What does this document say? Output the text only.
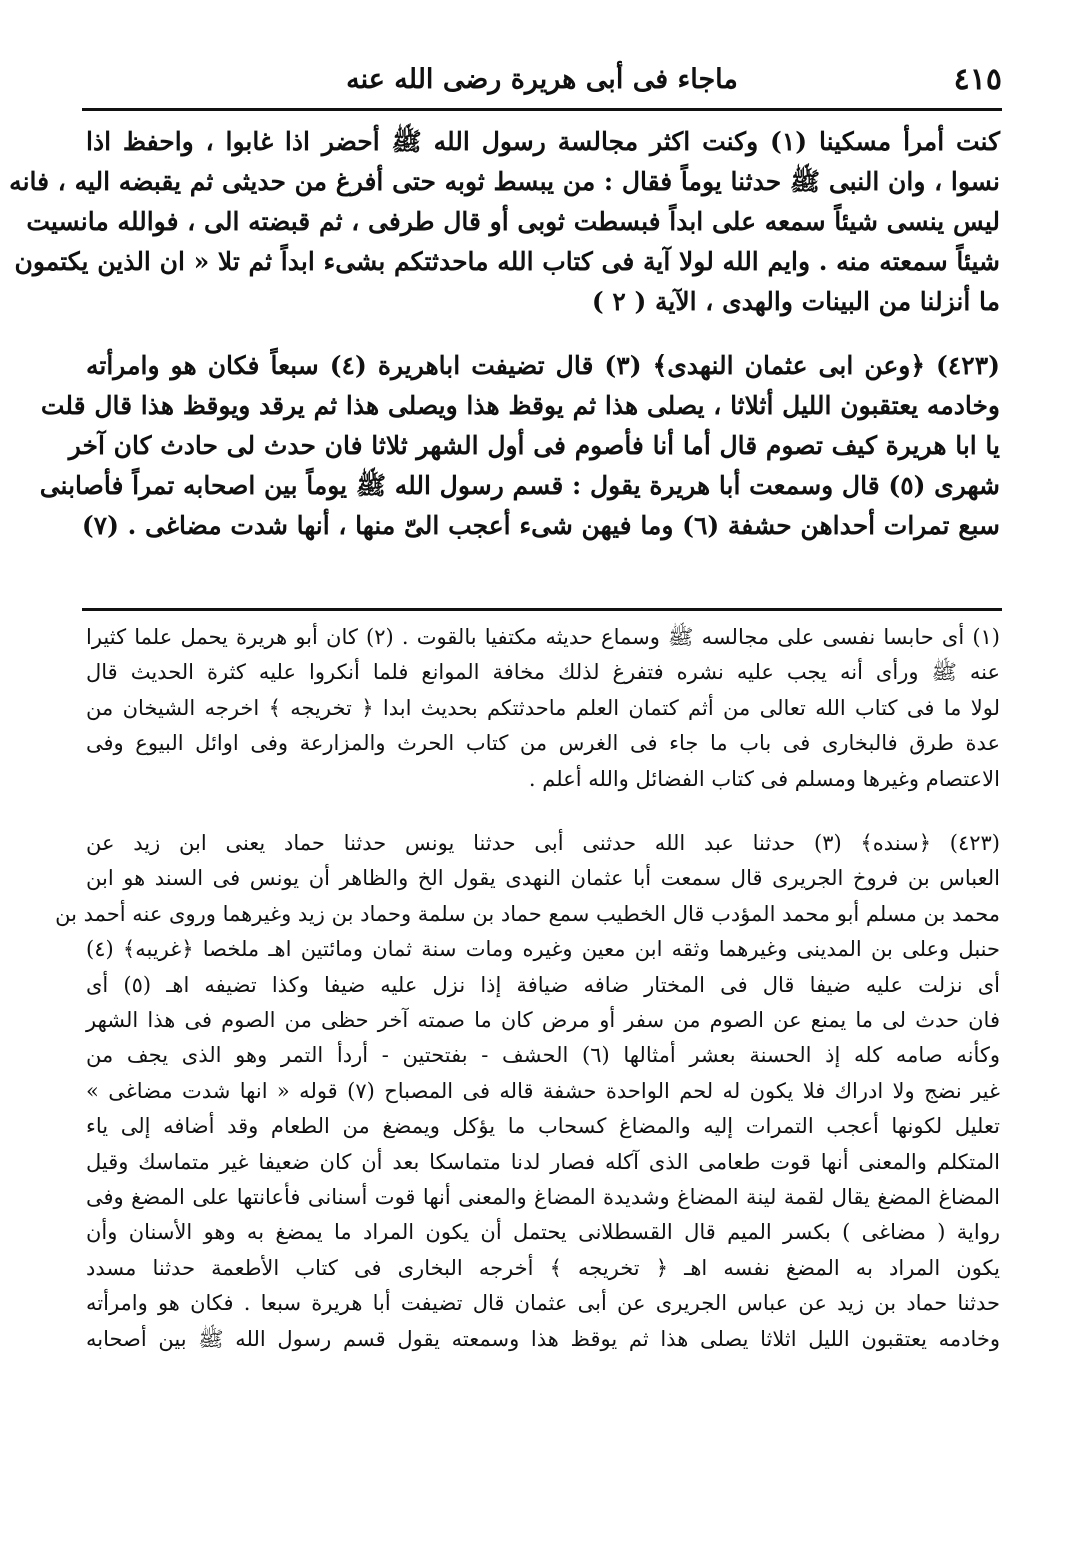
٤١٥
ماجاء فى أبى هريرة رضى الله عنه
كنت أمرأ مسكينا (١) وكنت اكثر مجالسة رسول الله ﷺ أحضر اذا غابوا ، واحفظ اذا
نسوا ، وان النبى ﷺ حدثنا يوماً فقال : من يبسط ثوبه حتى أفرغ من حديثى ثم يقبضه اليه ، فانه
ليس ينسى شيئاً سمعه على ابداً فبسطت ثوبى أو قال طرفى ، ثم قبضته الى ، فوالله مانسيت
شيئاً سمعته منه . وايم الله لولا آية فى كتاب الله ماحدثتكم بشىء ابداً ثم تلا « ان الذين يكتمون
ما أنزلنا من البينات والهدى ، الآية ( ٢ )
(٤٢٣) ﴿وعن ابى عثمان النهدى﴾ (٣) قال تضيفت اباهريرة (٤) سبعاً فكان هو وامرأته
وخادمه يعتقبون الليل أثلاثا ، يصلى هذا ثم يوقظ هذا ويصلى هذا ثم يرقد ويوقظ هذا قال قلت
يا ابا هريرة كيف تصوم قال أما أنا فأصوم فى أول الشهر ثلاثا فان حدث لى حادث كان آخر
شهرى (٥) قال وسمعت أبا هريرة يقول : قسم رسول الله ﷺ يوماً بين اصحابه تمراً فأصابنى
سبع تمرات أحداهن حشفة (٦) وما فيهن شىء أعجب الىّ منها ، أنها شدت مضاغى . (٧)
(١) أى حابسا نفسى على مجالسه ﷺ وسماع حديثه مكتفيا بالقوت . (٢) كان أبو هريرة يحمل علما كثيرا
عنه ﷺ ورأى أنه يجب عليه نشره فتفرغ لذلك مخافة الموانع فلما أنكروا عليه كثرة الحديث قال
لولا ما فى كتاب الله تعالى من أثم كتمان العلم ماحدثتكم بحديث ابدا ﴿ تخريجه ﴾ اخرجه الشيخان من
عدة طرق فالبخارى فى باب ما جاء فى الغرس من كتاب الحرث والمزارعة وفى اوائل البيوع وفى
الاعتصام وغيرها ومسلم فى كتاب الفضائل والله أعلم .
(٤٢٣) ﴿سنده﴾ (٣) حدثنا عبد الله حدثنى أبى حدثنا يونس حدثنا حماد يعنى ابن زيد عن
العباس بن فروخ الجريرى قال سمعت أبا عثمان النهدى يقول الخ والظاهر أن يونس فى السند هو ابن
محمد بن مسلم أبو محمد المؤدب قال الخطيب سمع حماد بن سلمة وحماد بن زيد وغيرهما وروى عنه أحمد بن
حنبل وعلى بن المدينى وغيرهما وثقه ابن معين وغيره ومات سنة ثمان ومائتين اهـ ملخصا ﴿غريبه﴾ (٤)
أى نزلت عليه ضيفا قال فى المختار ضافه ضيافة إذا نزل عليه ضيفا وكذا تضيفه اهـ (٥) أى
فان حدث لى ما يمنع عن الصوم من سفر أو مرض كان ما صمته آخر حظى من الصوم فى هذا الشهر
وكأنه صامه كله إذ الحسنة بعشر أمثالها (٦) الحشف - بفتحتين - أردأ التمر وهو الذى يجف من
غير نضج ولا ادراك فلا يكون له لحم الواحدة حشفة قاله فى المصباح (٧) قوله « انها شدت مضاغى »
تعليل لكونها أعجب التمرات إليه والمضاغ كسحاب ما يؤكل ويمضغ من الطعام وقد أضافه إلى ياء
المتكلم والمعنى أنها قوت طعامى الذى آكله فصار لدنا متماسكا بعد أن كان ضعيفا غير متماسك وقيل
المضاغ المضغ يقال لقمة لينة المضاغ وشديدة المضاغ والمعنى أنها قوت أسنانى فأعانتها على المضغ وفى
رواية ( مضاغى ) بكسر الميم قال القسطلانى يحتمل أن يكون المراد ما يمضغ به وهو الأسنان وأن
يكون المراد به المضغ نفسه اهـ ﴿ تخريجه ﴾ أخرجه البخارى فى كتاب الأطعمة حدثنا مسدد
حدثنا حماد بن زيد عن عباس الجريرى عن أبى عثمان قال تضيفت أبا هريرة سبعا . فكان هو وامرأته
وخادمه يعتقبون الليل اثلاثا يصلى هذا ثم يوقظ هذا وسمعته يقول قسم رسول الله ﷺ بين أصحابه
